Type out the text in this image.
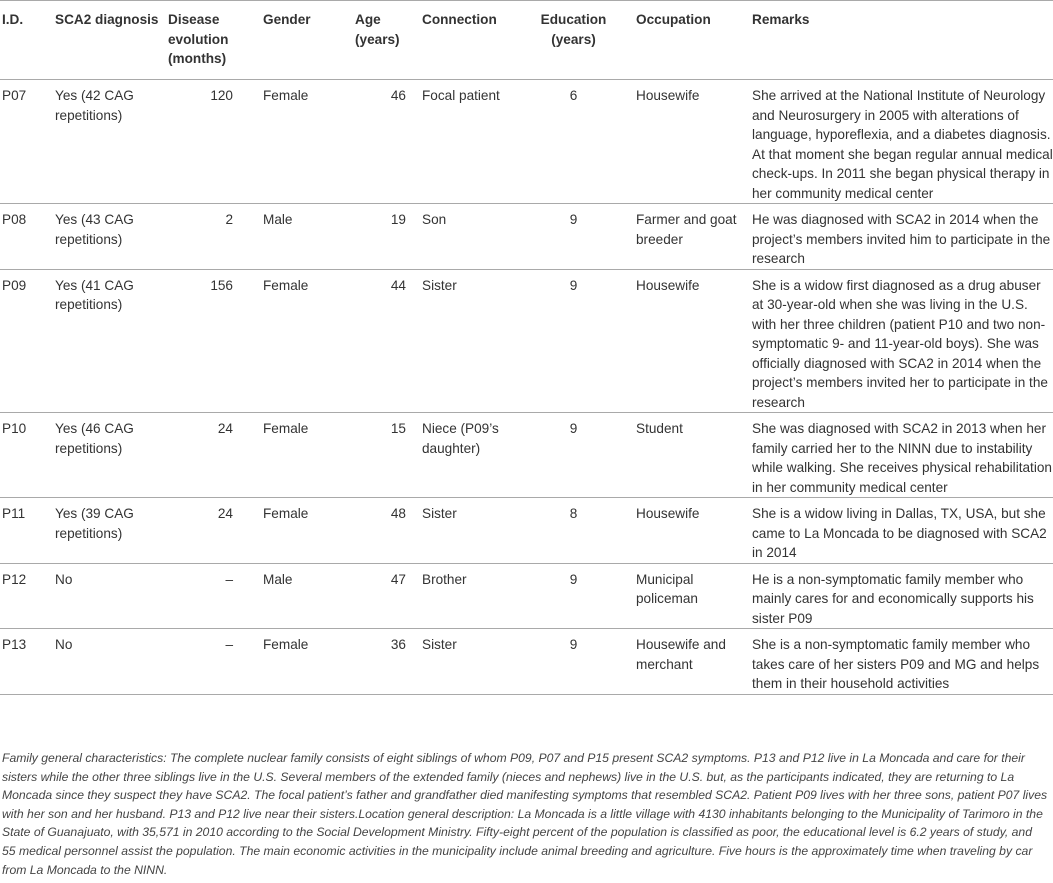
I.D.	SCA2 diagnosis	Disease evolution (months)	Gender	Age (years)	Connection	Education (years)	Occupation	Remarks
P07	Yes (42 CAG repetitions)	120	Female	46	Focal patient	6	Housewife	She arrived at the National Institute of Neurology and Neurosurgery in 2005 with alterations of language, hyporeflexia, and a diabetes diagnosis. At that moment she began regular annual medical check-ups. In 2011 she began physical therapy in her community medical center
P08	Yes (43 CAG repetitions)	2	Male	19	Son	9	Farmer and goat breeder	He was diagnosed with SCA2 in 2014 when the project’s members invited him to participate in the research
P09	Yes (41 CAG repetitions)	156	Female	44	Sister	9	Housewife	She is a widow first diagnosed as a drug abuser at 30-year-old when she was living in the U.S. with her three children (patient P10 and two non-symptomatic 9- and 11-year-old boys). She was officially diagnosed with SCA2 in 2014 when the project’s members invited her to participate in the research
P10	Yes (46 CAG repetitions)	24	Female	15	Niece (P09’s daughter)	9	Student	She was diagnosed with SCA2 in 2013 when her family carried her to the NINN due to instability while walking. She receives physical rehabilitation in her community medical center
P11	Yes (39 CAG repetitions)	24	Female	48	Sister	8	Housewife	She is a widow living in Dallas, TX, USA, but she came to La Moncada to be diagnosed with SCA2 in 2014
P12	No	–	Male	47	Brother	9	Municipal policeman	He is a non-symptomatic family member who mainly cares for and economically supports his sister P09
P13	No	–	Female	36	Sister	9	Housewife and merchant	She is a non-symptomatic family member who takes care of her sisters P09 and MG and helps them in their household activities
Family general characteristics: The complete nuclear family consists of eight siblings of whom P09, P07 and P15 present SCA2 symptoms. P13 and P12 live in La Moncada and care for their sisters while the other three siblings live in the U.S. Several members of the extended family (nieces and nephews) live in the U.S. but, as the participants indicated, they are returning to La Moncada since they suspect they have SCA2. The focal patient’s father and grandfather died manifesting symptoms that resembled SCA2. Patient P09 lives with her three sons, patient P07 lives with her son and her husband. P13 and P12 live near their sisters.Location general description: La Moncada is a little village with 4130 inhabitants belonging to the Municipality of Tarimoro in the State of Guanajuato, with 35,571 in 2010 according to the Social Development Ministry. Fifty-eight percent of the population is classified as poor, the educational level is 6.2 years of study, and 55 medical personnel assist the population. The main economic activities in the municipality include animal breeding and agriculture. Five hours is the approximately time when traveling by car from La Moncada to the NINN.
